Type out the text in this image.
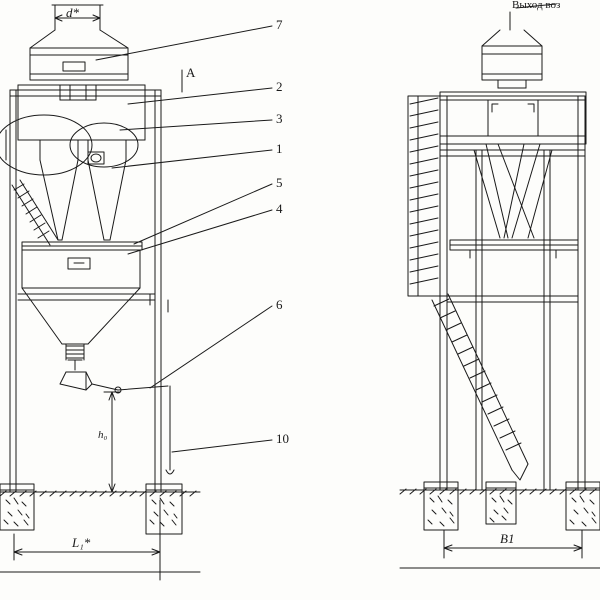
d*
A
Выход воз
7
2
3
1
5
4
6
10
h₀
L₁*	B1
